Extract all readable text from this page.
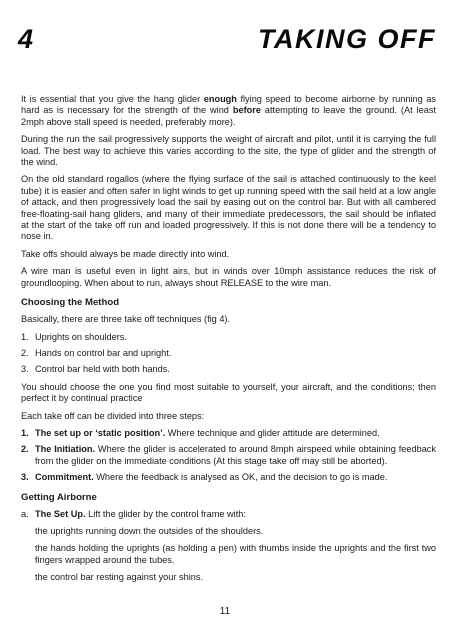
4	TAKING OFF

It is essential that you give the hang glider enough flying speed to become airborne by running as hard as is necessary for the strength of the wind before attempting to leave the ground. (At least 2mph above stall speed is needed, preferably more).

During the run the sail progressively supports the weight of aircraft and pilot, until it is carrying the full load. The best way to achieve this varies according to the site, the type of glider and the strength of the wind.

On the old standard rogallos (where the flying surface of the sail is attached continuously to the keel tube) it is easier and often safer in light winds to get up running speed with the sail held at a low angle of attack, and then progressively load the sail by easing out on the control bar. But with all cambered free-floating-sail hang gliders, and many of their immediate predecessors, the sail should be inflated at the start of the take off run and loaded progressively. If this is not done there will be a tendency to nose in.

Take offs should always be made directly into wind.

A wire man is useful even in light airs, but in winds over 10mph assistance reduces the risk of groundlooping. When about to run, always shout RELEASE to the wire man.

Choosing the Method

Basically, there are three take off techniques (fig 4).

1. Uprights on shoulders.
2. Hands on control bar and upright.
3. Control bar held with both hands.

You should choose the one you find most suitable to yourself, your aircraft, and the conditions; then perfect it by continual practice

Each take off can be divided into three steps:

1. The set up or ‘static position’. Where technique and glider attitude are determined.
2. The Initiation. Where the glider is accelerated to around 8mph airspeed while obtaining feedback from the glider on the immediate conditions (At this stage take off may still be aborted).
3. Commitment. Where the feedback is analysed as OK, and the decision to go is made.
Getting Airborne
a. The Set Up. Lift the glider by the control frame with:

the uprights running down the outsides of the shoulders.

the hands holding the uprights (as holding a pen) with thumbs inside the uprights and the first two fingers wrapped around the tubes.

the control bar resting against your shins.

11
